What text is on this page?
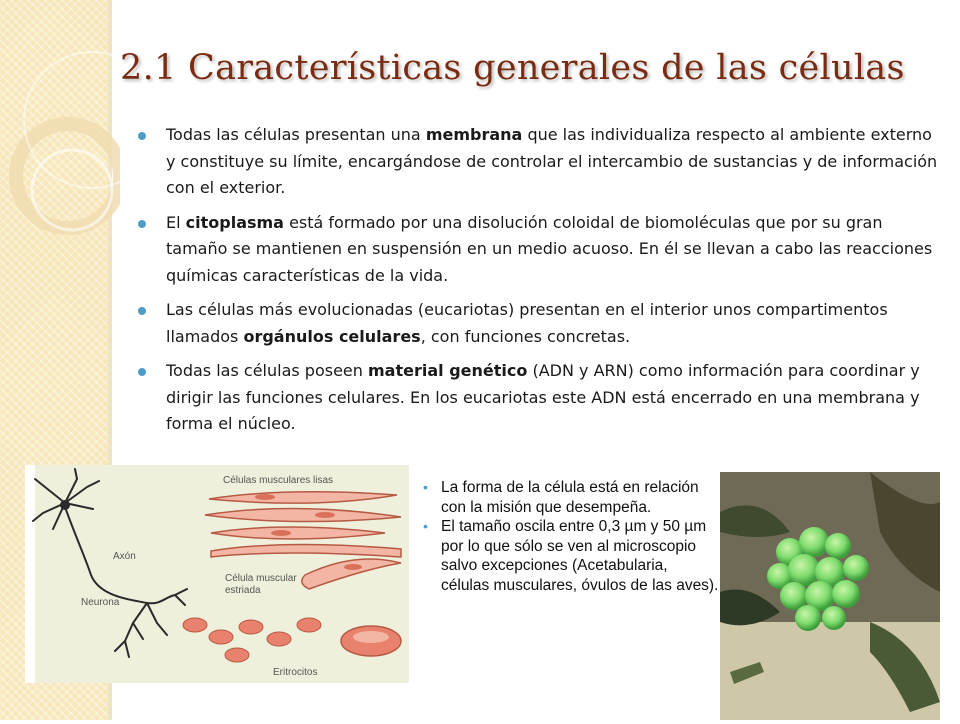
2.1 Características generales de las células
Todas las células presentan una membrana que las individualiza respecto al ambiente externo y constituye su límite, encargándose de controlar el intercambio de sustancias y de información con el exterior.
El citoplasma está formado por una disolución coloidal de biomoléculas que por su gran tamaño se mantienen en suspensión en un medio acuoso. En él se llevan a cabo las reacciones químicas características de la vida.
Las células más evolucionadas (eucariotas) presentan en el interior unos compartimentos llamados orgánulos celulares, con funciones concretas.
Todas las células poseen material genético (ADN y ARN) como información para coordinar y dirigir las funciones celulares. En los eucariotas este ADN está encerrado en una membrana y forma el núcleo.
Axón
Neurona
Células musculares lisas
Célula muscular
estriada
Eritrocitos
• La forma de la célula está en relación con la misión que desempeña.
• El tamaño oscila entre 0,3 µm y 50 µm por lo que sólo se ven al microscopio salvo excepciones (Acetabularia, células musculares, óvulos de las aves).
